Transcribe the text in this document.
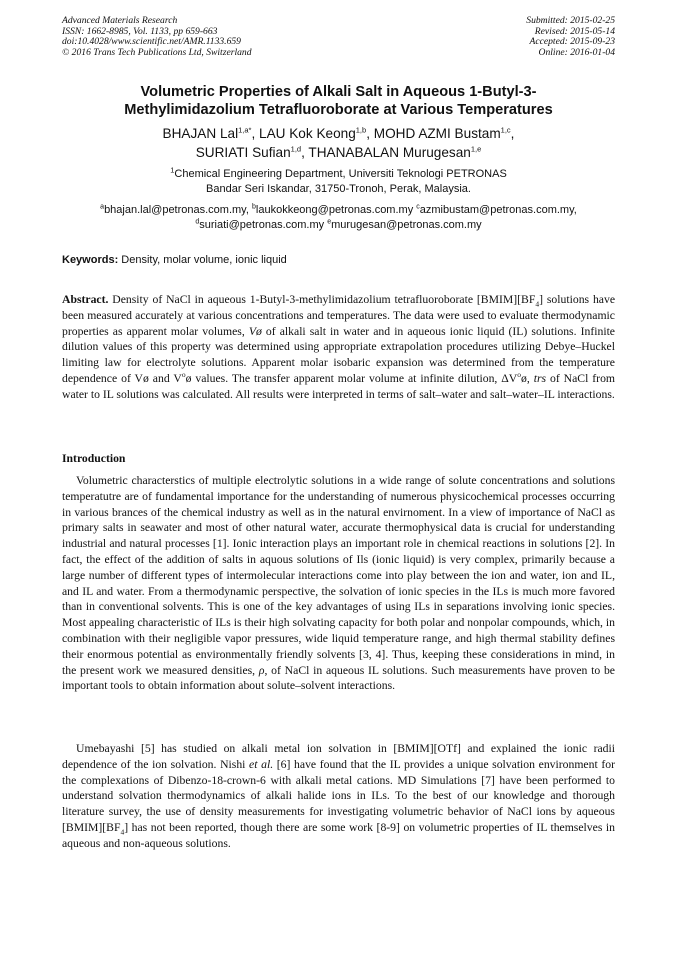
Advanced Materials Research
ISSN: 1662-8985, Vol. 1133, pp 659-663
doi:10.4028/www.scientific.net/AMR.1133.659
© 2016 Trans Tech Publications Ltd, Switzerland
Submitted: 2015-02-25
Revised: 2015-05-14
Accepted: 2015-09-23
Online: 2016-01-04
Volumetric Properties of Alkali Salt in Aqueous 1-Butyl-3-
Methylimidazolium Tetrafluoroborate at Various Temperatures
BHAJAN Lal$^{1,a*}$, LAU Kok Keong$^{1,b}$, MOHD AZMI Bustam$^{1,c}$,
SURIATI Sufian$^{1,d}$, THANABALAN Murugesan$^{1,e}$
$^1$Chemical Engineering Department, Universiti Teknologi PETRONAS
Bandar Seri Iskandar, 31750-Tronoh, Perak, Malaysia.
$^a$bhajan.lal@petronas.com.my, $^b$laukokkeong@petronas.com.my $^c$azmibustam@petronas.com.my,
$^d$suriati@petronas.com.my $^e$murugesan@petronas.com.my
Keywords: Density, molar volume, ionic liquid
Abstract. Density of NaCl in aqueous 1-Butyl-3-methylimidazolium tetrafluoroborate $[BMIM][BF_4]$ solutions have been measured accurately at various concentrations and temperatures. The data were used to evaluate thermodynamic properties as apparent molar volumes, Vø of alkali salt in water and in aqueous ionic liquid (IL) solutions. Infinite dilution values of this property was determined using appropriate extrapolation procedures utilizing Debye–Huckel limiting law for electrolyte solutions. Apparent molar isobaric expansion was determined from the temperature dependence of Vø and $V^oø$ values. The transfer apparent molar volume at infinite dilution, $\Delta V^oø$, trs of NaCl from water to IL solutions was calculated. All results were interpreted in terms of salt–water and salt–water–IL interactions.
Introduction
Volumetric characterstics of multiple electrolytic solutions in a wide range of solute concentrations and solutions temperatutre are of fundamental importance for the understanding of numerous physicochemical processes occurring in various brances of the chemical industry as well as in the natural envirnoment. In a view of importance of NaCl as primary salts in seawater and most of other natural water, accurate thermophysical data is crucial for understanding industrial and natural processes [1]. Ionic interaction plays an important role in chemical reactions in solutions [2]. In fact, the effect of the addition of salts in aquous solutions of Ils (ionic liquid) is very complex, primarily because a large number of different types of intermolecular interactions come into play between the ion and water, ion and IL, and IL and water. From a thermodynamic perspective, the solvation of ionic species in the ILs is much more favored than in conventional solvents. This is one of the key advantages of using ILs in separations involving ionic species. Most appealing characteristic of ILs is their high solvating capacity for both polar and nonpolar compounds, which, in combination with their negligible vapor pressures, wide liquid temperature range, and high thermal stability defines their enormous potential as environmentally friendly solvents [3, 4]. Thus, keeping these considerations in mind, in the present work we measured densities, ρ, of NaCl in aqueous IL solutions. Such measurements have proven to be important tools to obtain information about solute–solvent interactions.
Umebayashi [5] has studied on alkali metal ion solvation in [BMIM][OTf] and explained the ionic radii dependence of the ion solvation. Nishi et al. [6] have found that the IL provides a unique solvation environment for the complexations of Dibenzo-18-crown-6 with alkali metal cations. MD Simulations [7] have been performed to understand solvation thermodynamics of alkali halide ions in ILs. To the best of our knowledge and thorough literature survey, the use of density measurements for investigating volumetric behavior of NaCl ions by aqueous $[BMIM][BF_4]$ has not been reported, though there are some work [8-9] on volumetric properties of IL themselves in aqueous and non-aqueous solutions.
